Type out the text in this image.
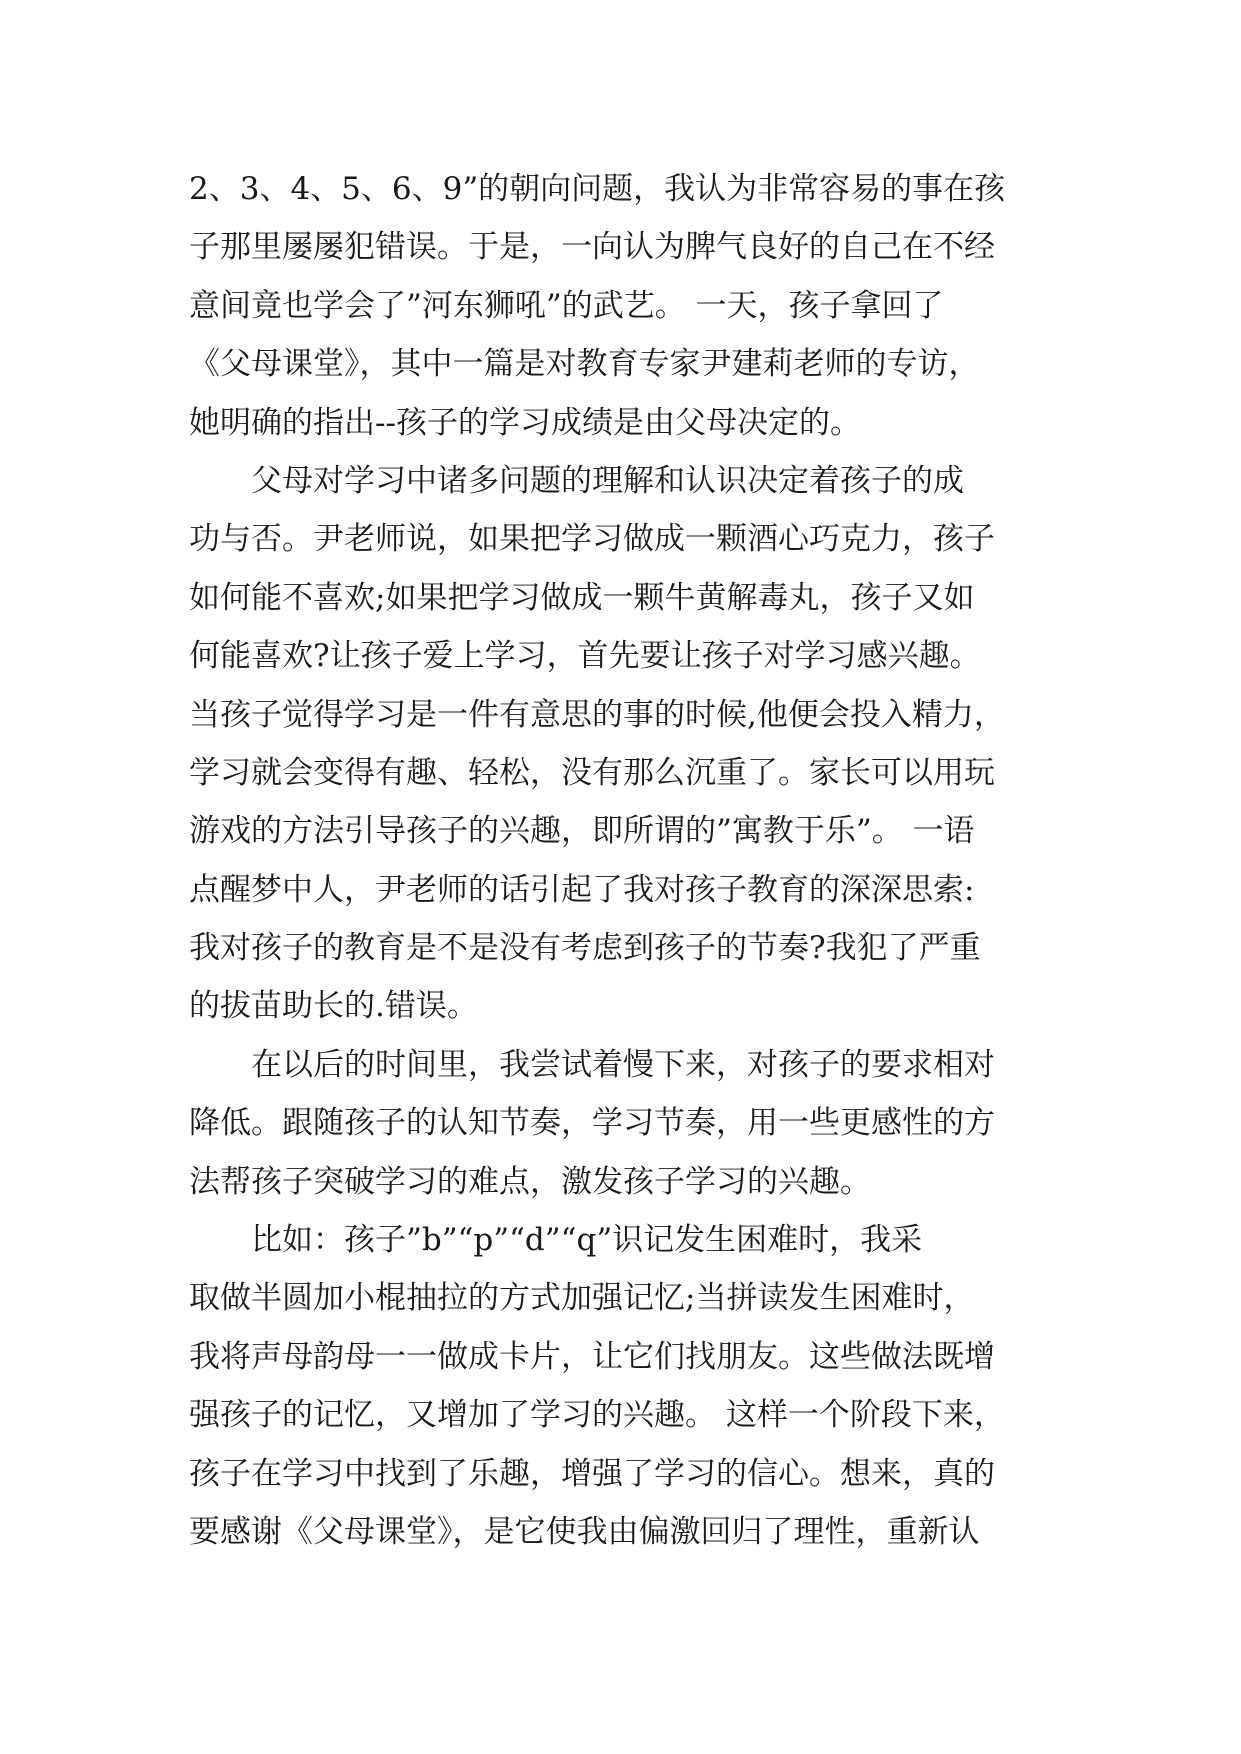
2、3、4、5、6、9”的朝向问题，我认为非常容易的事在孩
子那里屡屡犯错误。于是，一向认为脾气良好的自己在不经
意间竟也学会了”河东狮吼”的武艺。 一天，孩子拿回了
《父母课堂》，其中一篇是对教育专家尹建莉老师的专访，
她明确的指出--孩子的学习成绩是由父母决定的。
　　父母对学习中诸多问题的理解和认识决定着孩子的成
功与否。尹老师说，如果把学习做成一颗酒心巧克力，孩子
如何能不喜欢;如果把学习做成一颗牛黄解毒丸，孩子又如
何能喜欢?让孩子爱上学习，首先要让孩子对学习感兴趣。
当孩子觉得学习是一件有意思的事的时候,他便会投入精力，
学习就会变得有趣、轻松，没有那么沉重了。家长可以用玩
游戏的方法引导孩子的兴趣，即所谓的”寓教于乐”。 一语
点醒梦中人，尹老师的话引起了我对孩子教育的深深思索:
我对孩子的教育是不是没有考虑到孩子的节奏?我犯了严重
的拔苗助长的.错误。
　　在以后的时间里，我尝试着慢下来，对孩子的要求相对
降低。跟随孩子的认知节奏，学习节奏，用一些更感性的方
法帮孩子突破学习的难点，激发孩子学习的兴趣。
　　比如：孩子”b”“p”“d”“q”识记发生困难时，我采
取做半圆加小棍抽拉的方式加强记忆;当拼读发生困难时，
我将声母韵母一一做成卡片，让它们找朋友。这些做法既增
强孩子的记忆，又增加了学习的兴趣。 这样一个阶段下来，
孩子在学习中找到了乐趣，增强了学习的信心。想来，真的
要感谢《父母课堂》，是它使我由偏激回归了理性，重新认
